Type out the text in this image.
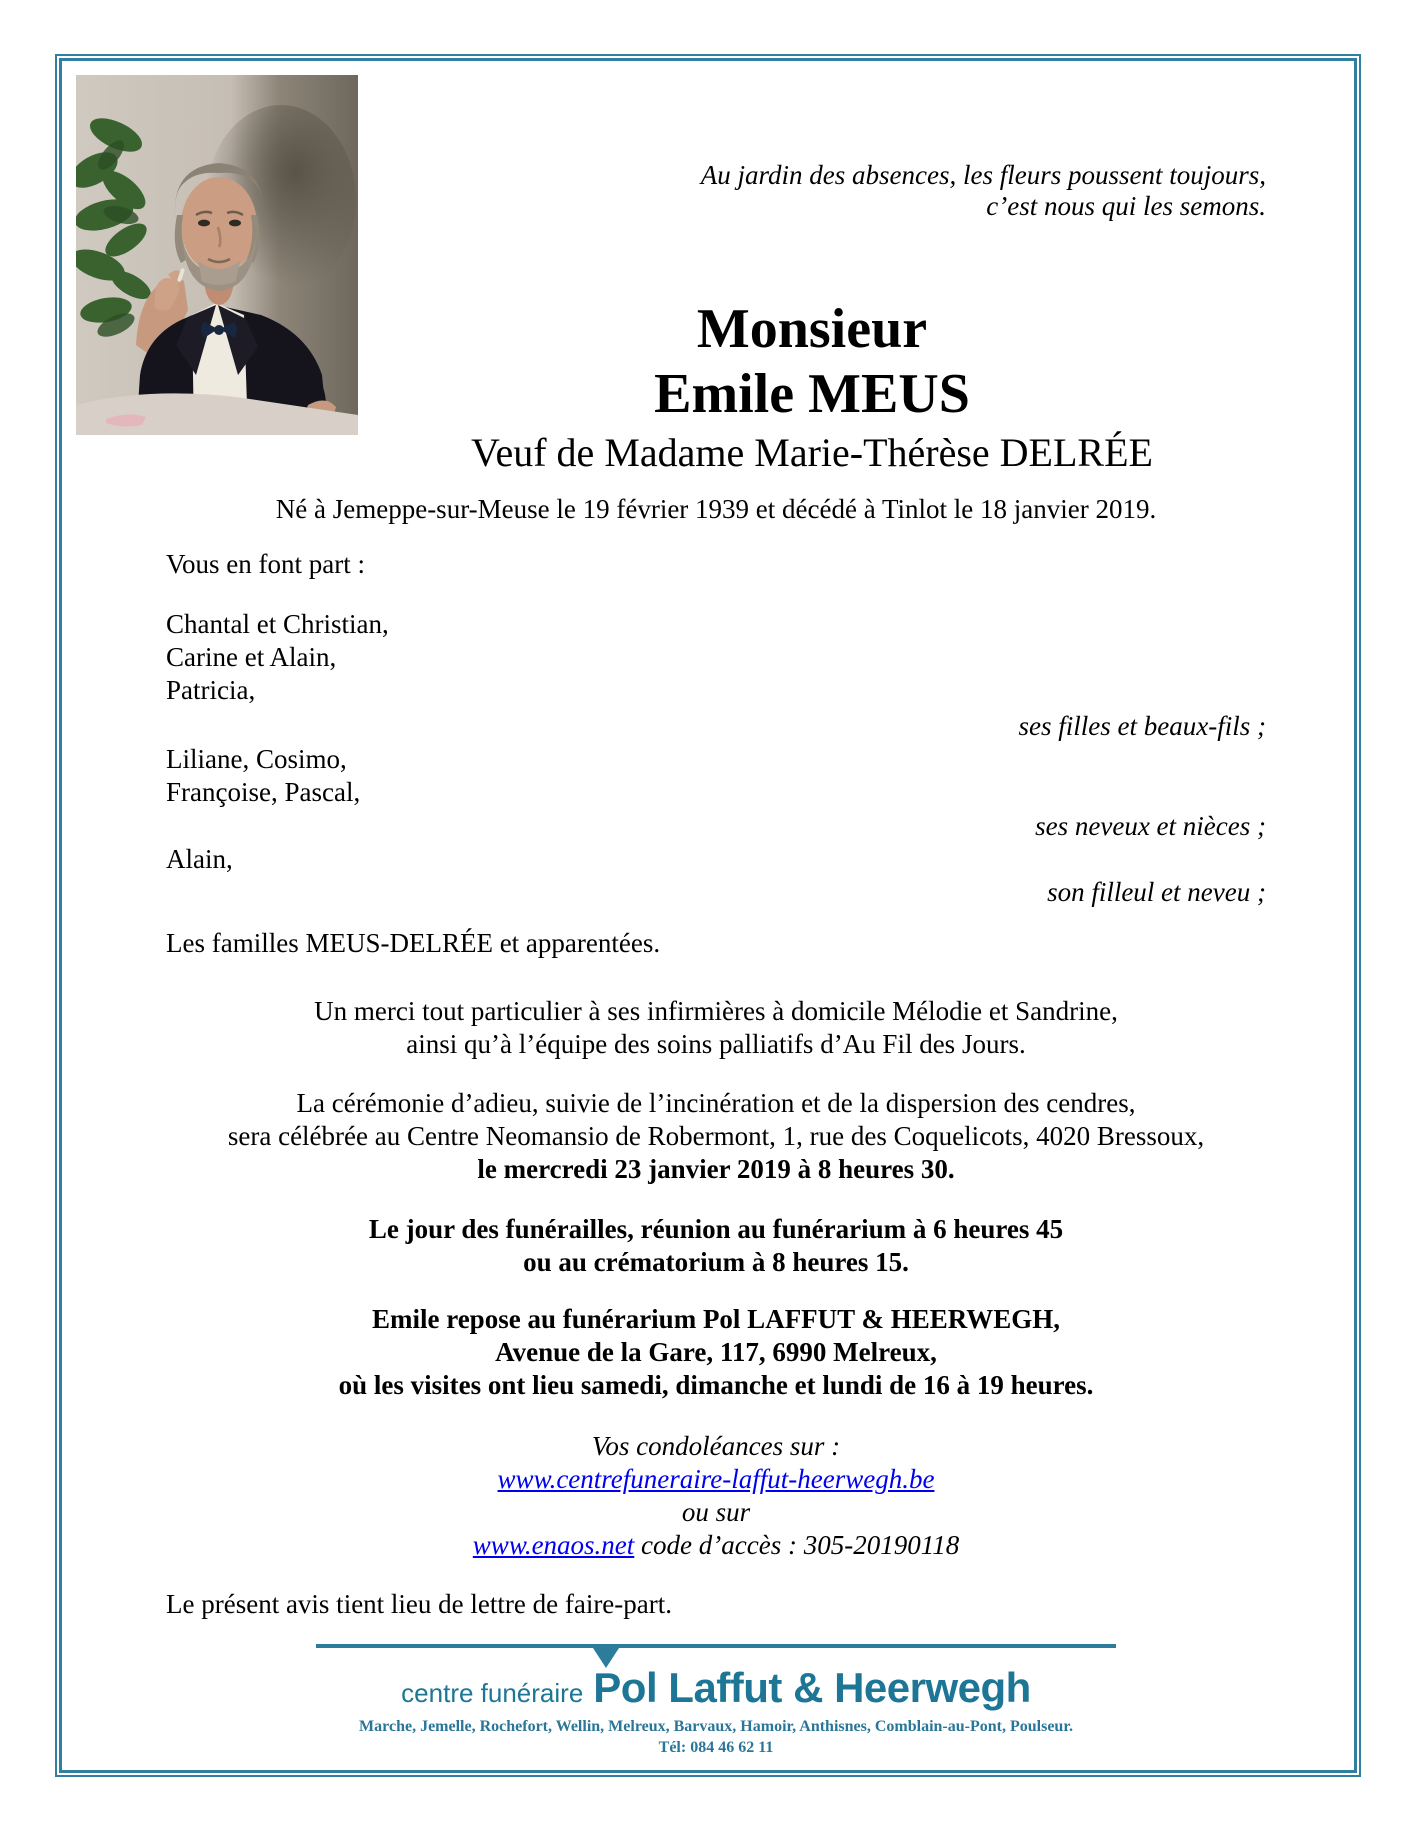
Au jardin des absences, les fleurs poussent toujours,
c’est nous qui les semons.
Monsieur
Emile MEUS
Veuf de Madame Marie-Thérèse DELRÉE

Né à Jemeppe-sur-Meuse le 19 février 1939 et décédé à Tinlot le 18 janvier 2019.

Vous en font part :

Chantal et Christian,

Carine et Alain,

Patricia,

ses filles et beaux-fils ;

Liliane, Cosimo,

Françoise, Pascal,

ses neveux et nièces ;

Alain,

son filleul et neveu ;

Les familles MEUS-DELRÉE et apparentées.

Un merci tout particulier à ses infirmières à domicile Mélodie et Sandrine,

ainsi qu’à l’équipe des soins palliatifs d’Au Fil des Jours.

La cérémonie d’adieu, suivie de l’incinération et de la dispersion des cendres,

sera célébrée au Centre Neomansio de Robermont, 1, rue des Coquelicots, 4020 Bressoux,

le mercredi 23 janvier 2019 à 8 heures 30.

Le jour des funérailles, réunion au funérarium à 6 heures 45

ou au crématorium à 8 heures 15.

Emile repose au funérarium Pol LAFFUT & HEERWEGH,

Avenue de la Gare, 117, 6990 Melreux,

où les visites ont lieu samedi, dimanche et lundi de 16 à 19 heures.

Vos condoléances sur :

www.centrefuneraire-laffut-heerwegh.be

ou sur

www.enaos.net code d’accès : 305-20190118

Le présent avis tient lieu de lettre de faire-part.

centre funéraire Pol Laffut & Heerwegh
Marche, Jemelle, Rochefort, Wellin, Melreux, Barvaux, Hamoir, Anthisnes, Comblain-au-Pont, Poulseur.
Tél: 084 46 62 11
